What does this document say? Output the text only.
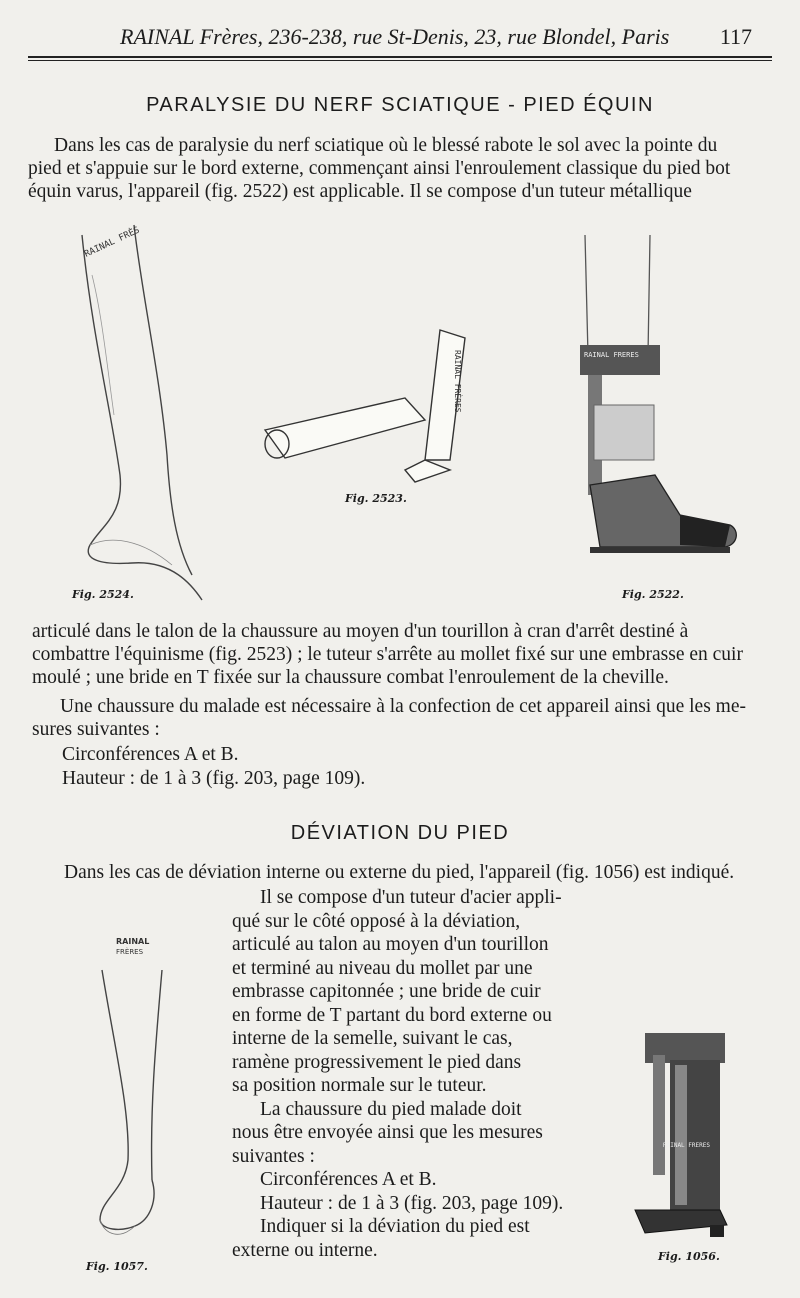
RAINAL Frères, 236-238, rue St-Denis, 23, rue Blondel, Paris 117
PARALYSIE DU NERF SCIATIQUE - PIED ÉQUIN
Dans les cas de paralysie du nerf sciatique où le blessé rabote le sol avec la pointe du
pied et s'appuie sur le bord externe, commençant ainsi l'enroulement classique du pied bot
équin varus, l'appareil (fig. 2522) est applicable. Il se compose d'un tuteur métallique
RAINAL FRÈS
Fig. 2524.
RAINAL FRÈRES
Fig. 2523.
RAINAL FRERES
Fig. 2522.
articulé dans le talon de la chaussure au moyen d'un tourillon à cran d'arrêt destiné à
combattre l'équinisme (fig. 2523) ; le tuteur s'arrête au mollet fixé sur une embrasse en cuir
moulé ; une bride en T fixée sur la chaussure combat l'enroulement de la cheville.
Une chaussure du malade est nécessaire à la confection de cet appareil ainsi que les me-
sures suivantes :
Circonférences A et B.
Hauteur : de 1 à 3 (fig. 203, page 109).
DÉVIATION DU PIED
Dans les cas de déviation interne ou externe du pied, l'appareil (fig. 1056) est indiqué.
Il se compose d'un tuteur d'acier appli-
qué sur le côté opposé à la déviation,
articulé au talon au moyen d'un tourillon
et terminé au niveau du mollet par une
embrasse capitonnée ; une bride de cuir
en forme de T partant du bord externe ou
interne de la semelle, suivant le cas,
ramène progressivement le pied dans
sa position normale sur le tuteur.
La chaussure du pied malade doit
nous être envoyée ainsi que les mesures
suivantes :
Circonférences A et B.
Hauteur : de 1 à 3 (fig. 203, page 109).
Indiquer si la déviation du pied est
externe ou interne.
RAINAL
FRÈRES
Fig. 1057.
RAINAL FRERES
Fig. 1056.
